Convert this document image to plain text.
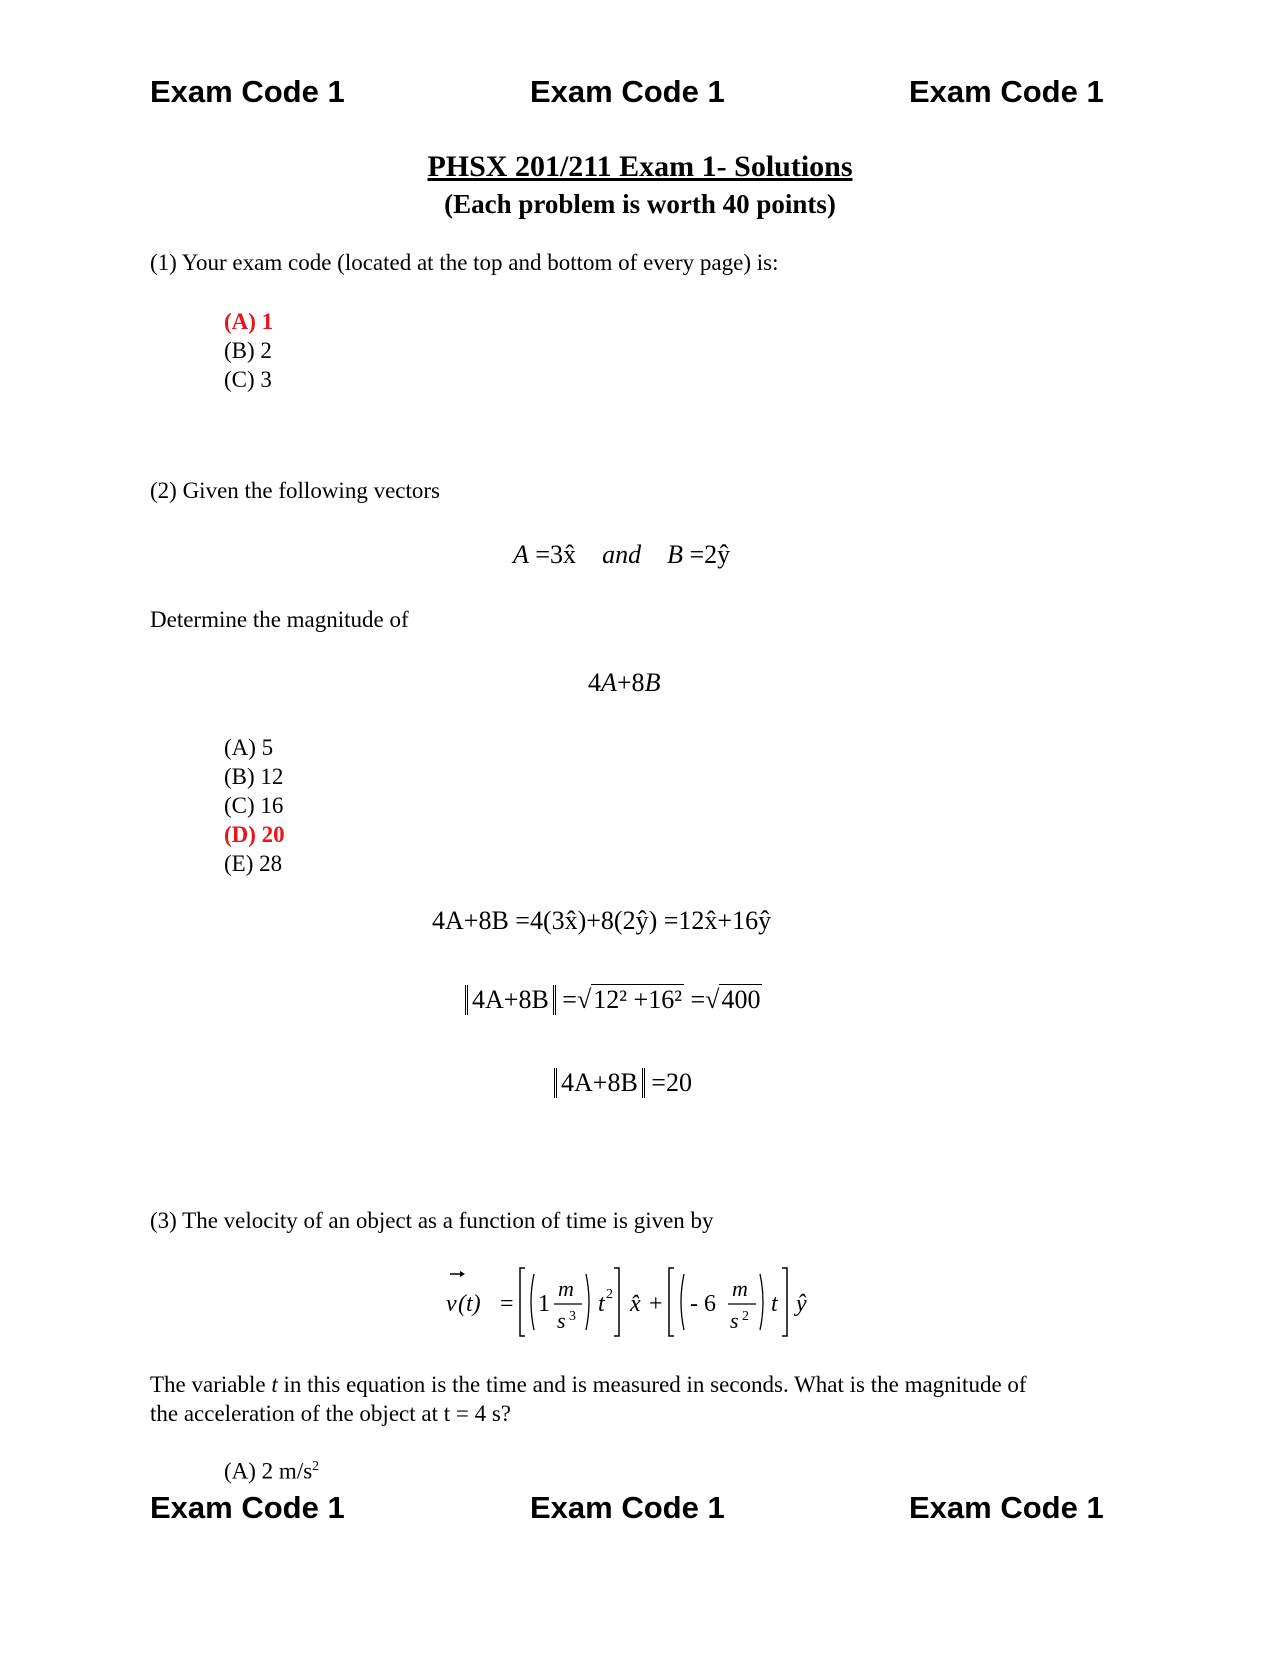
Exam Code 1	Exam Code 1	Exam Code 1
PHSX 201/211 Exam 1- Solutions
(Each problem is worth 40 points)
(1) Your exam code (located at the top and bottom of every page) is:
(A) 1
(B) 2
(C) 3
(2) Given the following vectors
A =3x̂ and B =2ŷ
Determine the magnitude of
4A+8B
(A) 5
(B) 12
(C) 16
(D) 20
(E) 28
4A+8B =4(3x̂)+8(2ŷ) =12x̂+16ŷ
4A+8B =√12² +16² =√400
4A+8B =20
(3) The velocity of an object as a function of time is given by
v (t) = 1
m
s 3 t 2 x̂ + - 6
m
s 2 t ŷ
The variable t in this equation is the time and is measured in seconds. What is the magnitude of
the acceleration of the object at t = 4 s?
(A) 2 $m/s^2$
Exam Code 1	Exam Code 1	Exam Code 1
